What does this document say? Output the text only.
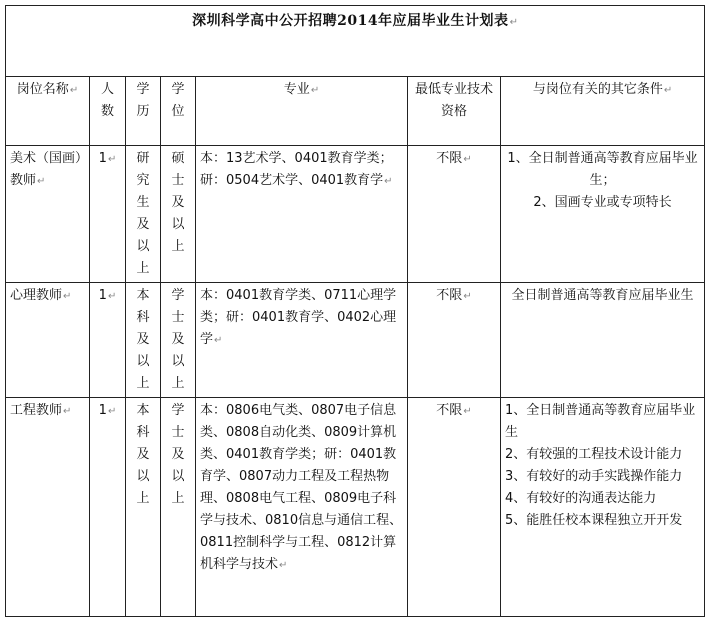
深圳科学高中公开招聘2014年应届毕业生计划表↵						
岗位名称↵	人数	学历	学位	专业↵	最低专业技术资格	与岗位有关的其它条件↵
美术（国画）教师↵	1↵	研究生及以上	硕士及以上	本：13艺术学、0401教育学类；研：0504艺术学、0401教育学↵	不限↵	1、全日制普通高等教育应届毕业生；
2、国画专业或专项特长

心理教师↵	1↵	本科及以上	学士及以上	本：0401教育学类、0711心理学类；研：0401教育学、0402心理学↵	不限↵	全日制普通高等教育应届毕业生

工程教师↵	1↵	本科及以上	学士及以上	本：0806电气类、0807电子信息类、0808自动化类、0809计算机类、0401教育学类；研：0401教育学、0807动力工程及工程热物理、0808电气工程、0809电子科学与技术、0810信息与通信工程、0811控制科学与工程、0812计算机科学与技术↵	不限↵	1、全日制普通高等教育应届毕业生
2、有较强的工程技术设计能力
3、有较好的动手实践操作能力
4、有较好的沟通表达能力
5、能胜任校本课程独立开开发
